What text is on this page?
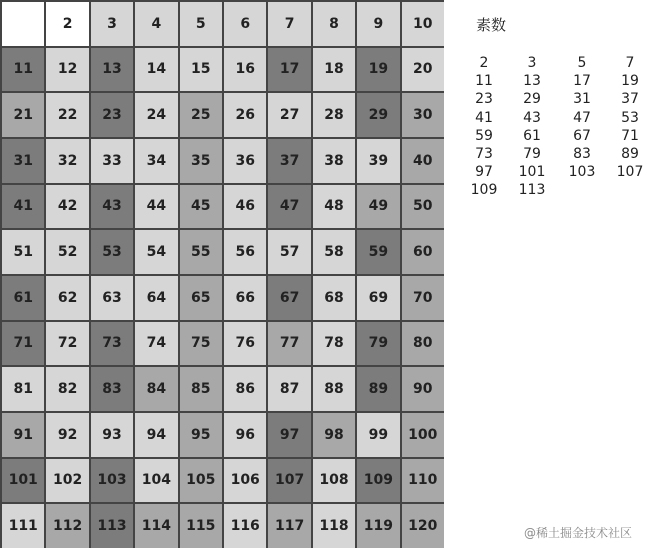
2	3	4	5	6	7	8	9	10
11	12	13	14	15	16	17	18	19	20
21	22	23	24	25	26	27	28	29	30
31	32	33	34	35	36	37	38	39	40
41	42	43	44	45	46	47	48	49	50
51	52	53	54	55	56	57	58	59	60
61	62	63	64	65	66	67	68	69	70
71	72	73	74	75	76	77	78	79	80
81	82	83	84	85	86	87	88	89	90
91	92	93	94	95	96	97	98	99	100
101	102	103	104	105	106	107	108	109	110
111	112	113	114	115	116	117	118	119	120
素数
2	3	5	7
11	13	17	19
23	29	31	37
41	43	47	53
59	61	67	71
73	79	83	89
97	101	103	107
109	113
@稀土掘金技术社区
